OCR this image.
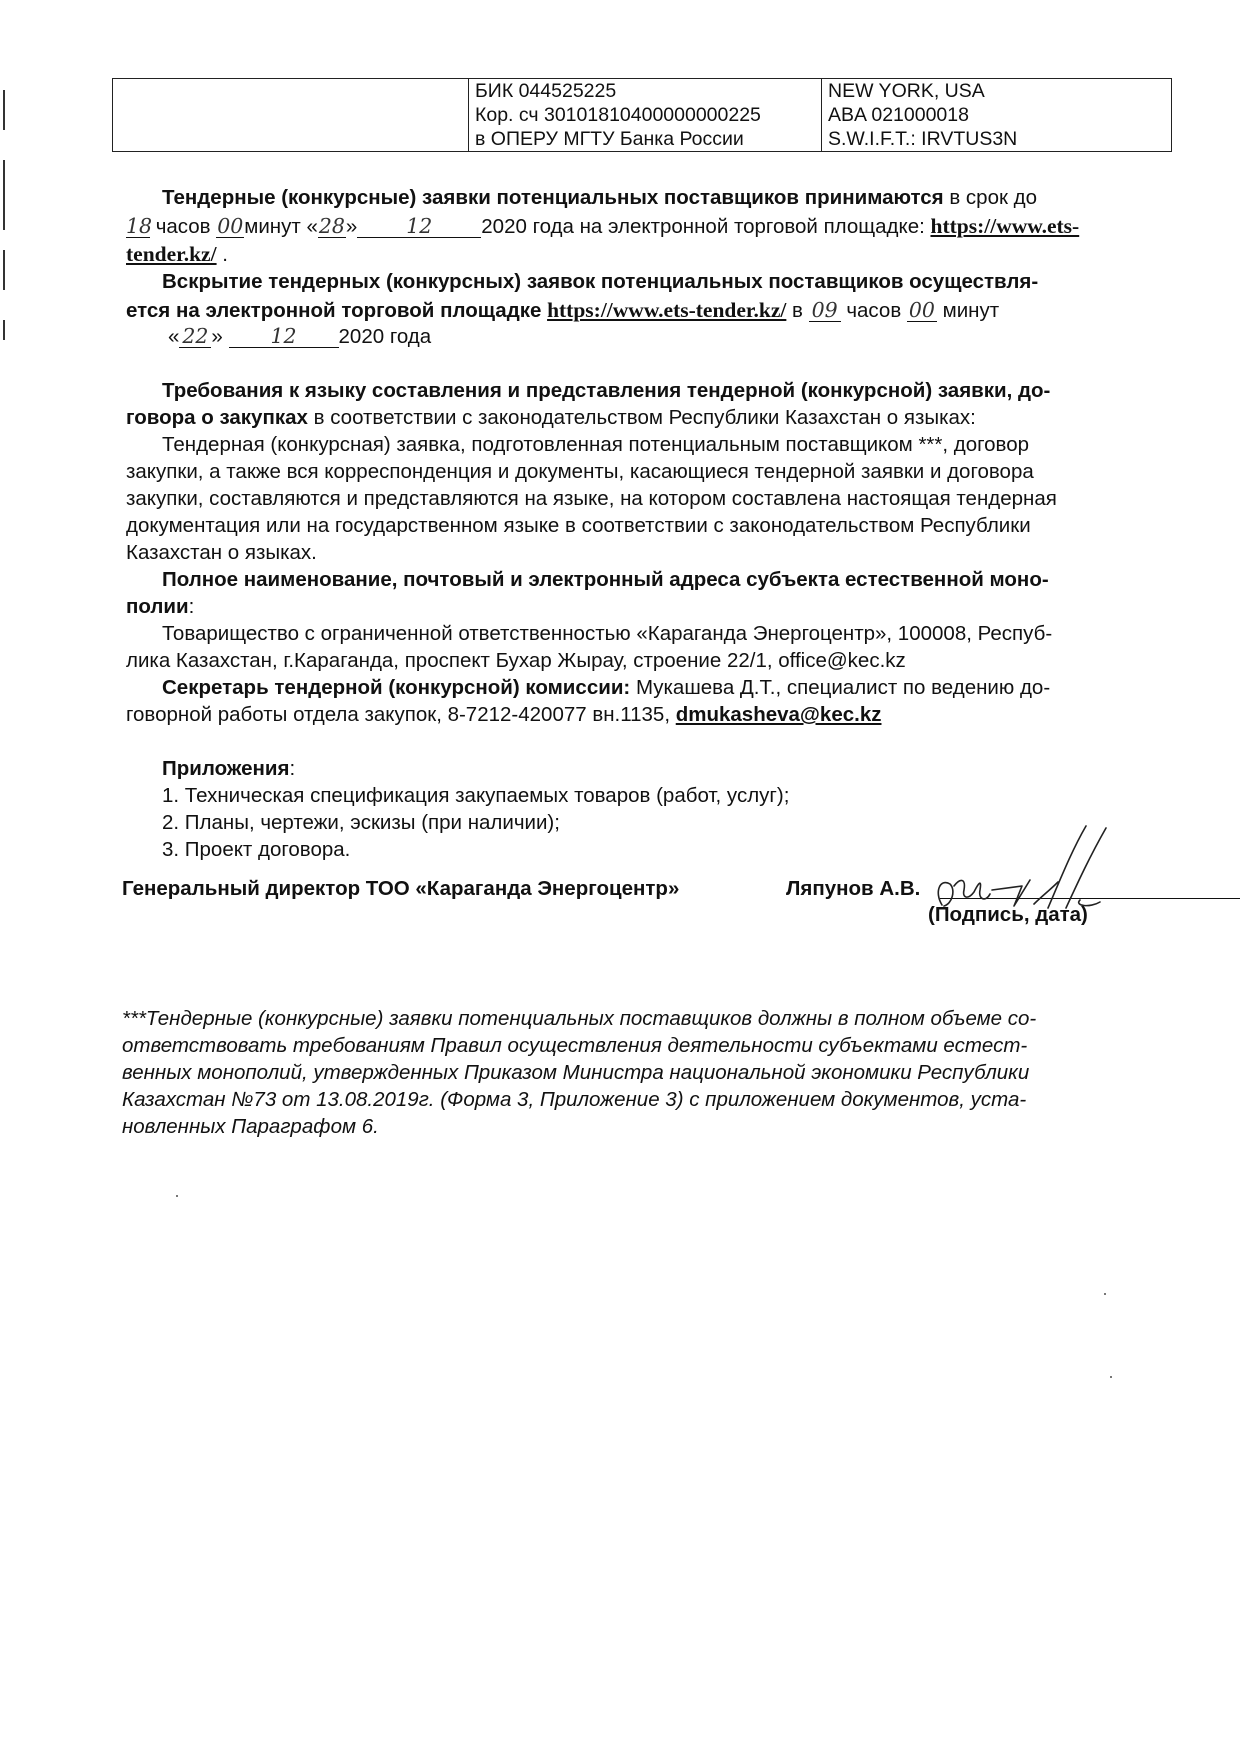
БИК 044525225
Кор. сч 30101810400000000225
в ОПЕРУ МГТУ Банка России

NEW YORK, USA
ABA 021000018
S.W.I.F.T.: IRVTUS3N
Тендерные (конкурсные) заявки потенциальных поставщиков принимаются в срок до
18 часов 00минут «28» 12 2020 года на электронной торговой площадке: https://www.ets-
tender.kz/ .
Вскрытие тендерных (конкурсных) заявок потенциальных поставщиков осуществля-
ется на электронной торговой площадке https://www.ets-tender.kz/ в 09 часов 00 минут
« 22 » 12 2020 года
Требования к языку составления и представления тендерной (конкурсной) заявки, до-
говора о закупках в соответствии с законодательством Республики Казахстан о языках:
Тендерная (конкурсная) заявка, подготовленная потенциальным поставщиком ***, договор
закупки, а также вся корреспонденция и документы, касающиеся тендерной заявки и договора
закупки, составляются и представляются на языке, на котором составлена настоящая тендерная
документация или на государственном языке в соответствии с законодательством Республики
Казахстан о языках.
Полное наименование, почтовый и электронный адреса субъекта естественной моно-
полии:
Товарищество с ограниченной ответственностью «Караганда Энергоцентр», 100008, Респуб-
лика Казахстан, г.Караганда, проспект Бухар Жырау, строение 22/1, office@kec.kz
Секретарь тендерной (конкурсной) комиссии: Мукашева Д.Т., специалист по ведению до-
говорной работы отдела закупок, 8-7212-420077 вн.1135, dmukasheva@kec.kz
Приложения:
1. Техническая спецификация закупаемых товаров (работ, услуг);
2. Планы, чертежи, эскизы (при наличии);
3. Проект договора.
Генеральный директор ТОО «Караганда Энергоцентр»	Ляпунов А.В.
(Подпись, дата)
***Тендерные (конкурсные) заявки потенциальных поставщиков должны в полном объеме со-
ответствовать требованиям Правил осуществления деятельности субъектами естест-
венных монополий, утвержденных Приказом Министра национальной экономики Республики
Казахстан №73 от 13.08.2019г. (Форма 3, Приложение 3) с приложением документов, уста-
новленных Параграфом 6.
